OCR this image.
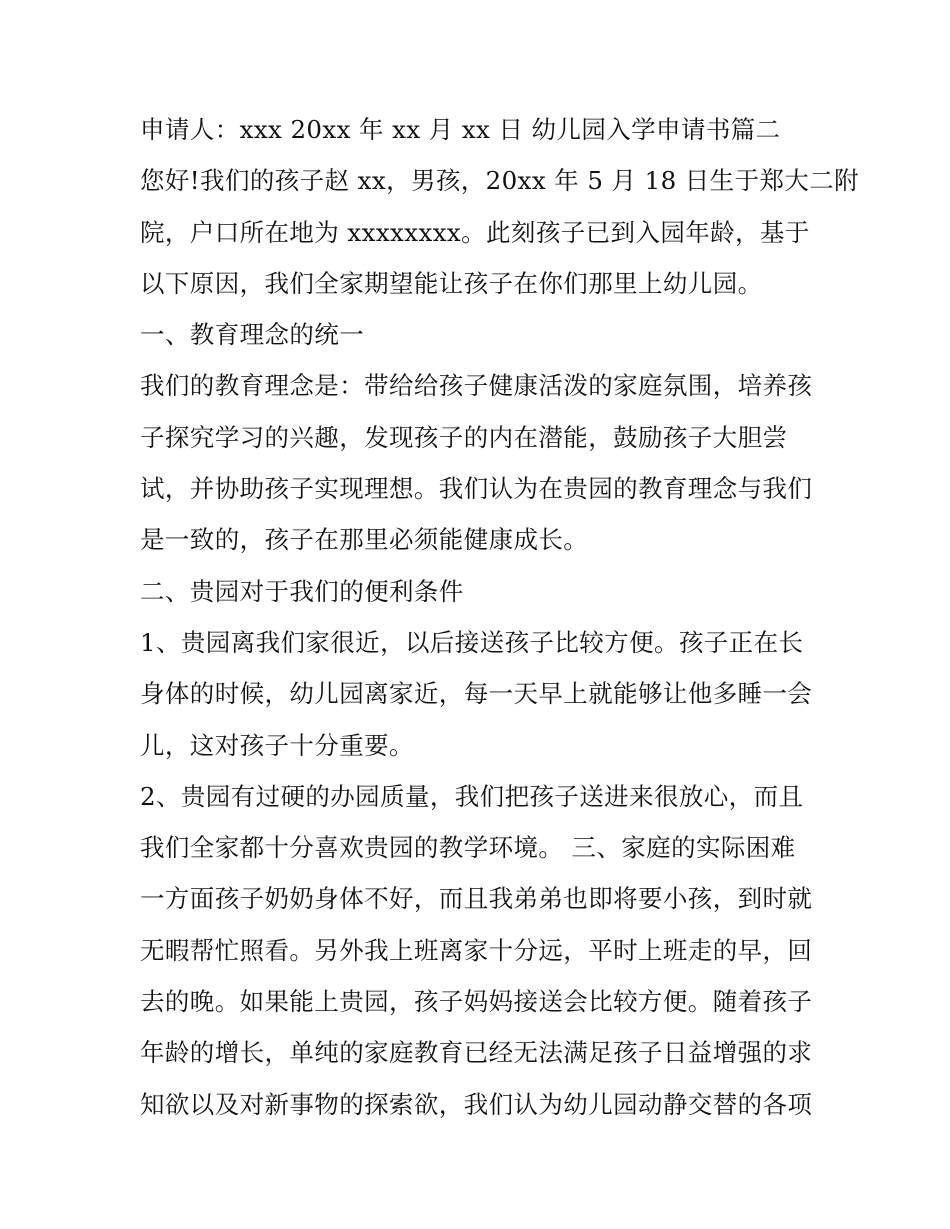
申请人：xxx 20xx 年 xx 月 xx 日 幼儿园入学申请书篇二
您好!我们的孩子赵 xx，男孩，20xx 年 5 月 18 日生于郑大二附
院，户口所在地为 xxxxxxxx。此刻孩子已到入园年龄，基于
以下原因，我们全家期望能让孩子在你们那里上幼儿园。
一、教育理念的统一
我们的教育理念是：带给给孩子健康活泼的家庭氛围，培养孩
子探究学习的兴趣，发现孩子的内在潜能，鼓励孩子大胆尝
试，并协助孩子实现理想。我们认为在贵园的教育理念与我们
是一致的，孩子在那里必须能健康成长。
二、贵园对于我们的便利条件
1、贵园离我们家很近，以后接送孩子比较方便。孩子正在长
身体的时候，幼儿园离家近，每一天早上就能够让他多睡一会
儿，这对孩子十分重要。
2、贵园有过硬的办园质量，我们把孩子送进来很放心，而且
我们全家都十分喜欢贵园的教学环境。 三、家庭的实际困难
一方面孩子奶奶身体不好，而且我弟弟也即将要小孩，到时就
无暇帮忙照看。另外我上班离家十分远，平时上班走的早，回
去的晚。如果能上贵园，孩子妈妈接送会比较方便。随着孩子
年龄的增长，单纯的家庭教育已经无法满足孩子日益增强的求
知欲以及对新事物的探索欲，我们认为幼儿园动静交替的各项
